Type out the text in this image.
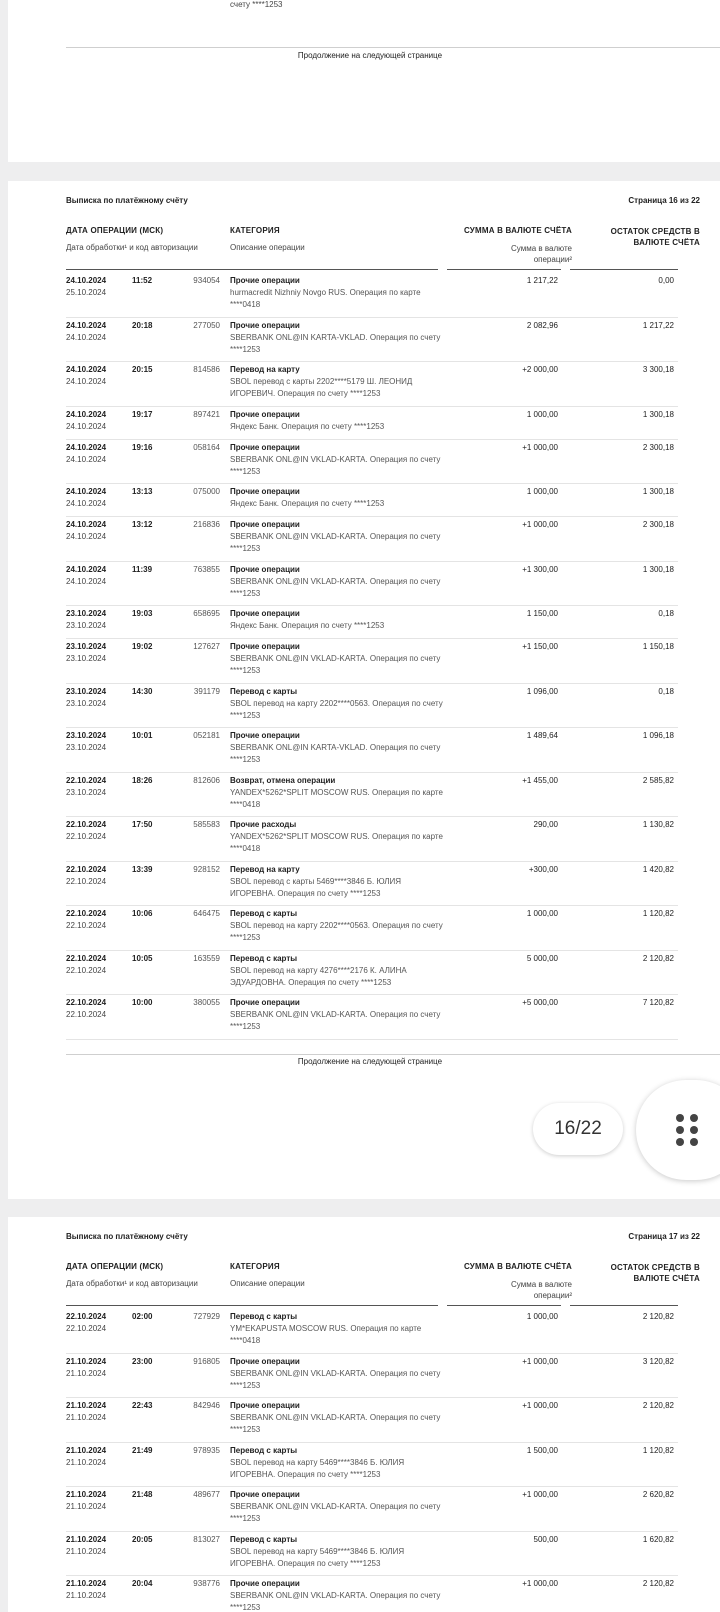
счету ****1253
Продолжение на следующей странице
Выписка по платёжному счёту	Страница 16 из 22
ДАТА ОПЕРАЦИИ (МСК)
Дата обработки¹ и код авторизации
КАТЕГОРИЯ
Описание операции
СУММА В ВАЛЮТЕ СЧЁТА
Сумма в валюте операции²
ОСТАТОК СРЕДСТВ В ВАЛЮТЕ СЧЁТА
24.10.2024	11:52	934054
25.10.2024
Прочие операции
hurmacredit Nizhniy Novgo RUS. Операция по карте ****0418
1 217,22	0,00
24.10.2024	20:18	277050
24.10.2024
Прочие операции
SBERBANK ONL@IN KARTA-VKLAD. Операция по счету ****1253
2 082,96	1 217,22
24.10.2024	20:15	814586
24.10.2024
Перевод на карту
SBOL перевод с карты 2202****5179 Ш. ЛЕОНИД ИГОРЕВИЧ. Операция по счету ****1253
+2 000,00	3 300,18
24.10.2024	19:17	897421
24.10.2024
Прочие операции
Яндекс Банк. Операция по счету ****1253
1 000,00	1 300,18
24.10.2024	19:16	058164
24.10.2024
Прочие операции
SBERBANK ONL@IN VKLAD-KARTA. Операция по счету ****1253
+1 000,00	2 300,18
24.10.2024	13:13	075000
24.10.2024
Прочие операции
Яндекс Банк. Операция по счету ****1253
1 000,00	1 300,18
24.10.2024	13:12	216836
24.10.2024
Прочие операции
SBERBANK ONL@IN VKLAD-KARTA. Операция по счету ****1253
+1 000,00	2 300,18
24.10.2024	11:39	763855
24.10.2024
Прочие операции
SBERBANK ONL@IN VKLAD-KARTA. Операция по счету ****1253
+1 300,00	1 300,18
23.10.2024	19:03	658695
23.10.2024
Прочие операции
Яндекс Банк. Операция по счету ****1253
1 150,00	0,18
23.10.2024	19:02	127627
23.10.2024
Прочие операции
SBERBANK ONL@IN VKLAD-KARTA. Операция по счету ****1253
+1 150,00	1 150,18
23.10.2024	14:30	391179
23.10.2024
Перевод с карты
SBOL перевод на карту 2202****0563. Операция по счету ****1253
1 096,00	0,18
23.10.2024	10:01	052181
23.10.2024
Прочие операции
SBERBANK ONL@IN KARTA-VKLAD. Операция по счету ****1253
1 489,64	1 096,18
22.10.2024	18:26	812606
23.10.2024
Возврат, отмена операции
YANDEX*5262*SPLIT MOSCOW RUS. Операция по карте ****0418
+1 455,00	2 585,82
22.10.2024	17:50	585583
22.10.2024
Прочие расходы
YANDEX*5262*SPLIT MOSCOW RUS. Операция по карте ****0418
290,00	1 130,82
22.10.2024	13:39	928152
22.10.2024
Перевод на карту
SBOL перевод с карты 5469****3846 Б. ЮЛИЯ ИГОРЕВНА. Операция по счету ****1253
+300,00	1 420,82
22.10.2024	10:06	646475
22.10.2024
Перевод с карты
SBOL перевод на карту 2202****0563. Операция по счету ****1253
1 000,00	1 120,82
22.10.2024	10:05	163559
22.10.2024
Перевод с карты
SBOL перевод на карту 4276****2176 К. АЛИНА ЭДУАРДОВНА. Операция по счету ****1253
5 000,00	2 120,82
22.10.2024	10:00	380055
22.10.2024
Прочие операции
SBERBANK ONL@IN VKLAD-KARTA. Операция по счету ****1253
+5 000,00	7 120,82
Продолжение на следующей странице
Выписка по платёжному счёту	Страница 17 из 22
ДАТА ОПЕРАЦИИ (МСК)
Дата обработки¹ и код авторизации
КАТЕГОРИЯ
Описание операции
СУММА В ВАЛЮТЕ СЧЁТА
Сумма в валюте операции²
ОСТАТОК СРЕДСТВ В ВАЛЮТЕ СЧЁТА
22.10.2024	02:00	727929
22.10.2024
Перевод с карты
YM*EKAPUSTA MOSCOW RUS. Операция по карте ****0418
1 000,00	2 120,82
21.10.2024	23:00	916805
21.10.2024
Прочие операции
SBERBANK ONL@IN VKLAD-KARTA. Операция по счету ****1253
+1 000,00	3 120,82
21.10.2024	22:43	842946
21.10.2024
Прочие операции
SBERBANK ONL@IN VKLAD-KARTA. Операция по счету ****1253
+1 000,00	2 120,82
21.10.2024	21:49	978935
21.10.2024
Перевод с карты
SBOL перевод на карту 5469****3846 Б. ЮЛИЯ ИГОРЕВНА. Операция по счету ****1253
1 500,00	1 120,82
21.10.2024	21:48	489677
21.10.2024
Прочие операции
SBERBANK ONL@IN VKLAD-KARTA. Операция по счету ****1253
+1 000,00	2 620,82
21.10.2024	20:05	813027
21.10.2024
Перевод с карты
SBOL перевод на карту 5469****3846 Б. ЮЛИЯ ИГОРЕВНА. Операция по счету ****1253
500,00	1 620,82
21.10.2024	20:04	938776
21.10.2024
Прочие операции
SBERBANK ONL@IN VKLAD-KARTA. Операция по счету ****1253
+1 000,00	2 120,82
16/22
